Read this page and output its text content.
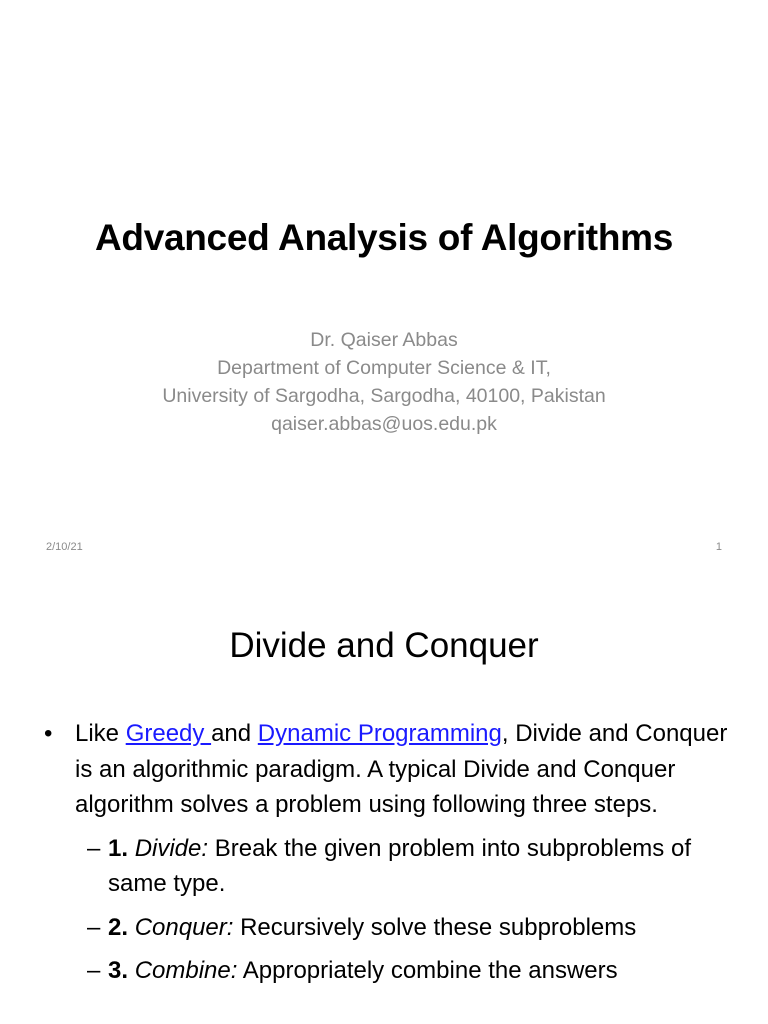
Advanced Analysis of Algorithms
Dr. Qaiser Abbas
Department of Computer Science & IT,
University of Sargodha, Sargodha, 40100, Pakistan
qaiser.abbas@uos.edu.pk
2/10/21	1
Divide and Conquer
• Like Greedy and Dynamic Programming, Divide and Conquer is an algorithmic paradigm. A typical Divide and Conquer algorithm solves a problem using following three steps.
– 1. Divide: Break the given problem into subproblems of same type.
– 2. Conquer: Recursively solve these subproblems
– 3. Combine: Appropriately combine the answers
